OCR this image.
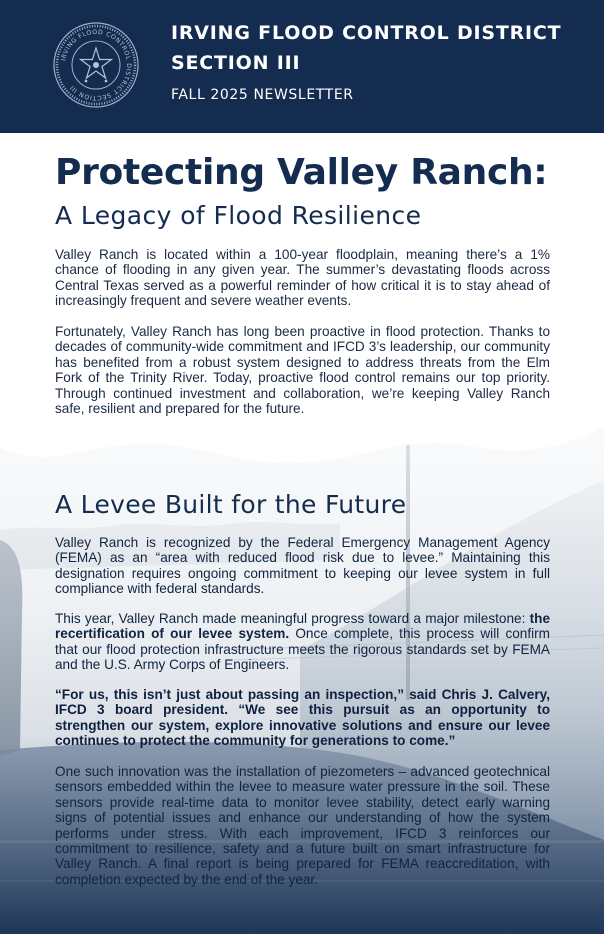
IRVING FLOOD CONTROL DISTRICT SECTION III
IRVING FLOOD CONTROL DISTRICT
SECTION III
FALL 2025 NEWSLETTER
Protecting Valley Ranch:
A Legacy of Flood Resilience

Valley Ranch is located within a 100-year floodplain, meaning there’s a 1% chance of flooding in any given year. The summer’s devastating floods across Central Texas served as a powerful reminder of how critical it is to stay ahead of increasingly frequent and severe weather events.

Fortunately, Valley Ranch has long been proactive in flood protection. Thanks to decades of community-wide commitment and IFCD 3’s leadership, our community has benefited from a robust system designed to address threats from the Elm Fork of the Trinity River. Today, proactive flood control remains our top priority. Through continued investment and collaboration, we’re keeping Valley Ranch safe, resilient and prepared for the future.

A Levee Built for the Future

Valley Ranch is recognized by the Federal Emergency Management Agency (FEMA) as an “area with reduced flood risk due to levee.” Maintaining this designation requires ongoing commitment to keeping our levee system in full compliance with federal standards.

This year, Valley Ranch made meaningful progress toward a major milestone: the recertification of our levee system. Once complete, this process will confirm that our flood protection infrastructure meets the rigorous standards set by FEMA and the U.S. Army Corps of Engineers.

“For us, this isn’t just about passing an inspection,” said Chris J. Calvery, IFCD 3 board president. “We see this pursuit as an opportunity to strengthen our system, explore innovative solutions and ensure our levee continues to protect the community for generations to come.”

One such innovation was the installation of piezometers – advanced geotechnical sensors embedded within the levee to measure water pressure in the soil. These sensors provide real-time data to monitor levee stability, detect early warning signs of potential issues and enhance our understanding of how the system performs under stress. With each improvement, IFCD 3 reinforces our commitment to resilience, safety and a future built on smart infrastructure for Valley Ranch. A final report is being prepared for FEMA reaccreditation, with completion expected by the end of the year.
